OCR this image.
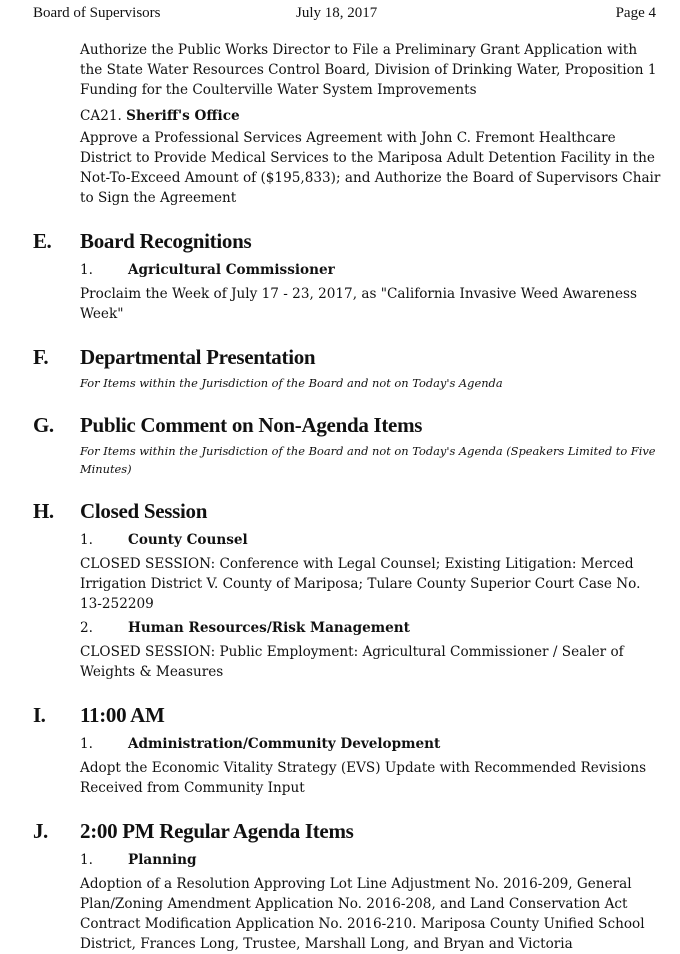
Board of Supervisors	July 18, 2017	Page 4

Authorize the Public Works Director to File a Preliminary Grant Application with the State Water Resources Control Board, Division of Drinking Water, Proposition 1 Funding for the Coulterville Water System Improvements

CA21. Sheriff's Office

Approve a Professional Services Agreement with John C. Fremont Healthcare District to Provide Medical Services to the Mariposa Adult Detention Facility in the Not-To-Exceed Amount of ($195,833); and Authorize the Board of Supervisors Chair to Sign the Agreement

E. Board Recognitions
1.	Agricultural Commissioner

Proclaim the Week of July 17 - 23, 2017, as "California Invasive Weed Awareness Week"

F. Departmental Presentation

For Items within the Jurisdiction of the Board and not on Today's Agenda

G. Public Comment on Non-Agenda Items

For Items within the Jurisdiction of the Board and not on Today's Agenda (Speakers Limited to Five Minutes)

H. Closed Session
1.	County Counsel

CLOSED SESSION: Conference with Legal Counsel; Existing Litigation: Merced Irrigation District V. County of Mariposa; Tulare County Superior Court Case No. 13-252209

2.	Human Resources/Risk Management

CLOSED SESSION: Public Employment: Agricultural Commissioner / Sealer of Weights & Measures

I. 11:00 AM
1.	Administration/Community Development

Adopt the Economic Vitality Strategy (EVS) Update with Recommended Revisions Received from Community Input

J. 2:00 PM Regular Agenda Items
1.	Planning

Adoption of a Resolution Approving Lot Line Adjustment No. 2016-209, General Plan/Zoning Amendment Application No. 2016-208, and Land Conservation Act Contract Modification Application No. 2016-210. Mariposa County Unified School District, Frances Long, Trustee, Marshall Long, and Bryan and Victoria
